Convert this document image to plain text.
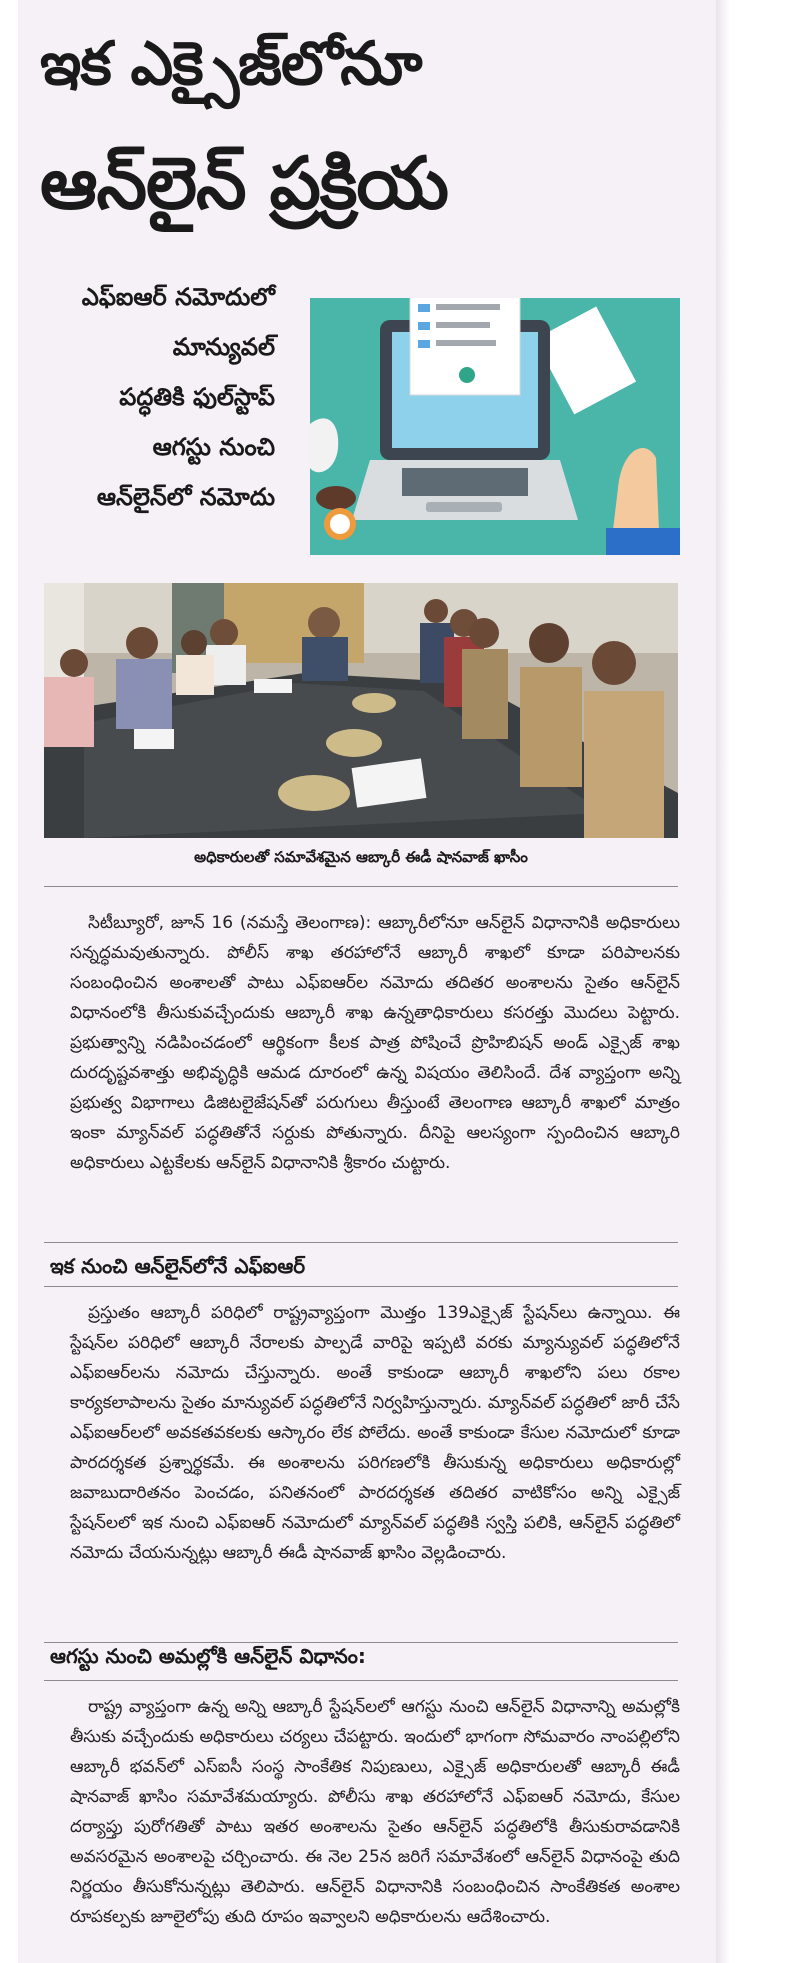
ఇక ఎక్సైజ్‌లోనూ
ఆన్‌లైన్ ప్రక్రియ
ఎఫ్ఐఆర్ నమోదులో
మాన్యువల్
పద్ధతికి ఫుల్‌స్టాప్
ఆగస్టు నుంచి
ఆన్‌లైన్‌లో నమోదు
అధికారులతో సమావేశమైన ఆబ్కారీ ఈడీ షానవాజ్ ఖాసీం
సిటీబ్యూరో, జూన్ 16 (నమస్తే తెలంగాణ): ఆబ్కారీలోనూ ఆన్‌లైన్ విధానానికి అధికారులు సన్నద్ధమవుతున్నారు. పోలీస్ శాఖ తరహాలోనే ఆబ్కారీ శాఖలో కూడా పరిపాలనకు సంబంధించిన అంశాలతో పాటు ఎఫ్ఐఆర్‌ల నమోదు తదితర అంశాలను సైతం ఆన్‌లైన్ విధానంలోకి తీసుకువచ్చేందుకు ఆబ్కారీ శాఖ ఉన్నతాధికారులు కసరత్తు మొదలు పెట్టారు. ప్రభుత్వాన్ని నడిపించడంలో ఆర్థికంగా కీలక పాత్ర పోషించే ప్రొహిబిషన్ అండ్ ఎక్సైజ్ శాఖ దురదృష్టవశాత్తు అభివృద్ధికి ఆమడ దూరంలో ఉన్న విషయం తెలిసిందే. దేశ వ్యాప్తంగా అన్ని ప్రభుత్వ విభాగాలు డిజిటలైజేషన్‌తో పరుగులు తీస్తుంటే తెలంగాణ ఆబ్కారీ శాఖలో మాత్రం ఇంకా మ్యాన్‌వల్ పద్ధతితోనే సర్దుకు పోతున్నారు. దీనిపై ఆలస్యంగా స్పందించిన ఆబ్కారి అధికారులు ఎట్టకేలకు ఆన్‌లైన్ విధానానికి శ్రీకారం చుట్టారు.
ఇక నుంచి ఆన్‌లైన్‌లోనే ఎఫ్ఐఆర్
ప్రస్తుతం ఆబ్కారీ పరిధిలో రాష్ట్రవ్యాప్తంగా మొత్తం 139ఎక్సైజ్ స్టేషన్‌లు ఉన్నాయి. ఈ స్టేషన్‌ల పరిధిలో ఆబ్కారీ నేరాలకు పాల్పడే వారిపై ఇప్పటి వరకు మ్యాన్యువల్ పద్ధతిలోనే ఎఫ్ఐఆర్‌లను నమోదు చేస్తున్నారు. అంతే కాకుండా ఆబ్కారీ శాఖలోని పలు రకాల కార్యకలాపాలను సైతం మాన్యువల్ పద్ధతిలోనే నిర్వహిస్తున్నారు. మ్యాన్‌వల్ పద్ధతిలో జారీ చేసే ఎఫ్ఐఆర్‌లలో అవకతవకలకు ఆస్కారం లేక పోలేదు. అంతే కాకుండా కేసుల నమోదులో కూడా పారదర్శకత ప్రశ్నార్థకమే. ఈ అంశాలను పరిగణలోకి తీసుకున్న అధికారులు అధికారుల్లో జవాబుదారితనం పెంచడం, పనితనంలో పారదర్శకత తదితర వాటికోసం అన్ని ఎక్సైజ్ స్టేషన్‌లలో ఇక నుంచి ఎఫ్ఐఆర్ నమోదులో మ్యాన్‌వల్ పద్ధతికి స్వస్తి పలికి, ఆన్‌లైన్ పద్ధతిలో నమోదు చేయనున్నట్లు ఆబ్కారీ ఈడీ షానవాజ్ ఖాసిం వెల్లడించారు.
ఆగస్టు నుంచి అమల్లోకి ఆన్‌లైన్ విధానం:
రాష్ట్ర వ్యాప్తంగా ఉన్న అన్ని ఆబ్కారీ స్టేషన్‌లలో ఆగస్టు నుంచి ఆన్‌లైన్ విధానాన్ని అమల్లోకి తీసుకు వచ్చేందుకు అధికారులు చర్యలు చేపట్టారు. ఇందులో భాగంగా సోమవారం నాంపల్లిలోని ఆబ్కారీ భవన్‌లో ఎస్ఐసీ సంస్థ సాంకేతిక నిపుణులు, ఎక్సైజ్ అధికారులతో ఆబ్కారీ ఈడీ షానవాజ్ ఖాసిం సమావేశమయ్యారు. పోలీసు శాఖ తరహాలోనే ఎఫ్ఐఆర్ నమోదు, కేసుల దర్యాప్తు పురోగతితో పాటు ఇతర అంశాలను సైతం ఆన్‌లైన్ పద్ధతిలోకి తీసుకురావడానికి అవసరమైన అంశాలపై చర్చించారు. ఈ నెల 25న జరిగే సమావేశంలో ఆన్‌లైన్ విధానంపై తుది నిర్ణయం తీసుకోనున్నట్లు తెలిపారు. ఆన్‌లైన్ విధానానికి సంబంధించిన సాంకేతికత అంశాల రూపకల్పకు జూలైలోపు తుది రూపం ఇవ్వాలని అధికారులను ఆదేశించారు.
